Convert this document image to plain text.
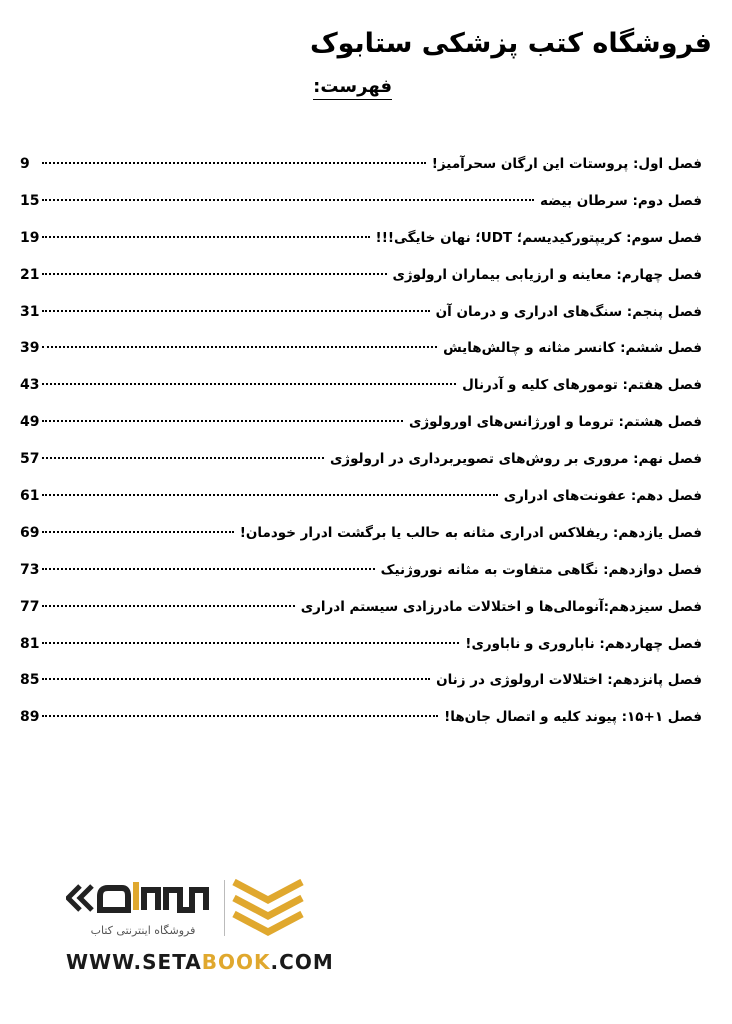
فروشگاه کتب پزشکی ستابوک
فهرست:
فصل اول: پروستات این ارگان سحرآمیز!
9
فصل دوم: سرطان بیضه
15
فصل سوم: کریپتورکیدیسم؛ UDT؛ نهان خایگی!!!
19
فصل چهارم: معاینه و ارزیابی بیماران ارولوژی
21
فصل پنجم: سنگ‌های ادراری و درمان آن
31
فصل ششم: کانسر مثانه و چالش‌هایش
39
فصل هفتم: تومورهای کلیه و آدرنال
43
فصل هشتم: تروما و اورژانس‌های اورولوژی
49
فصل نهم: مروری بر روش‌های تصویربرداری در ارولوژی
57
فصل دهم: عفونت‌های ادراری
61
فصل یازدهم: ریفلاکس ادراری مثانه به حالب یا برگشت ادرار خودمان!
69
فصل دوازدهم: نگاهی متفاوت به مثانه نوروژنیک
73
فصل سیزدهم:آنومالی‌ها و اختلالات مادرزادی سیستم ادراری
77
فصل چهاردهم: ناباروری و ناباوری!
81
فصل پانزدهم: اختلالات ارولوژی در زنان
85
فصل ۱+۱۵: پیوند کلیه و اتصال جان‌ها!
89
فروشگاه اینترنتی کتاب
WWW.SETABOOK.COM
